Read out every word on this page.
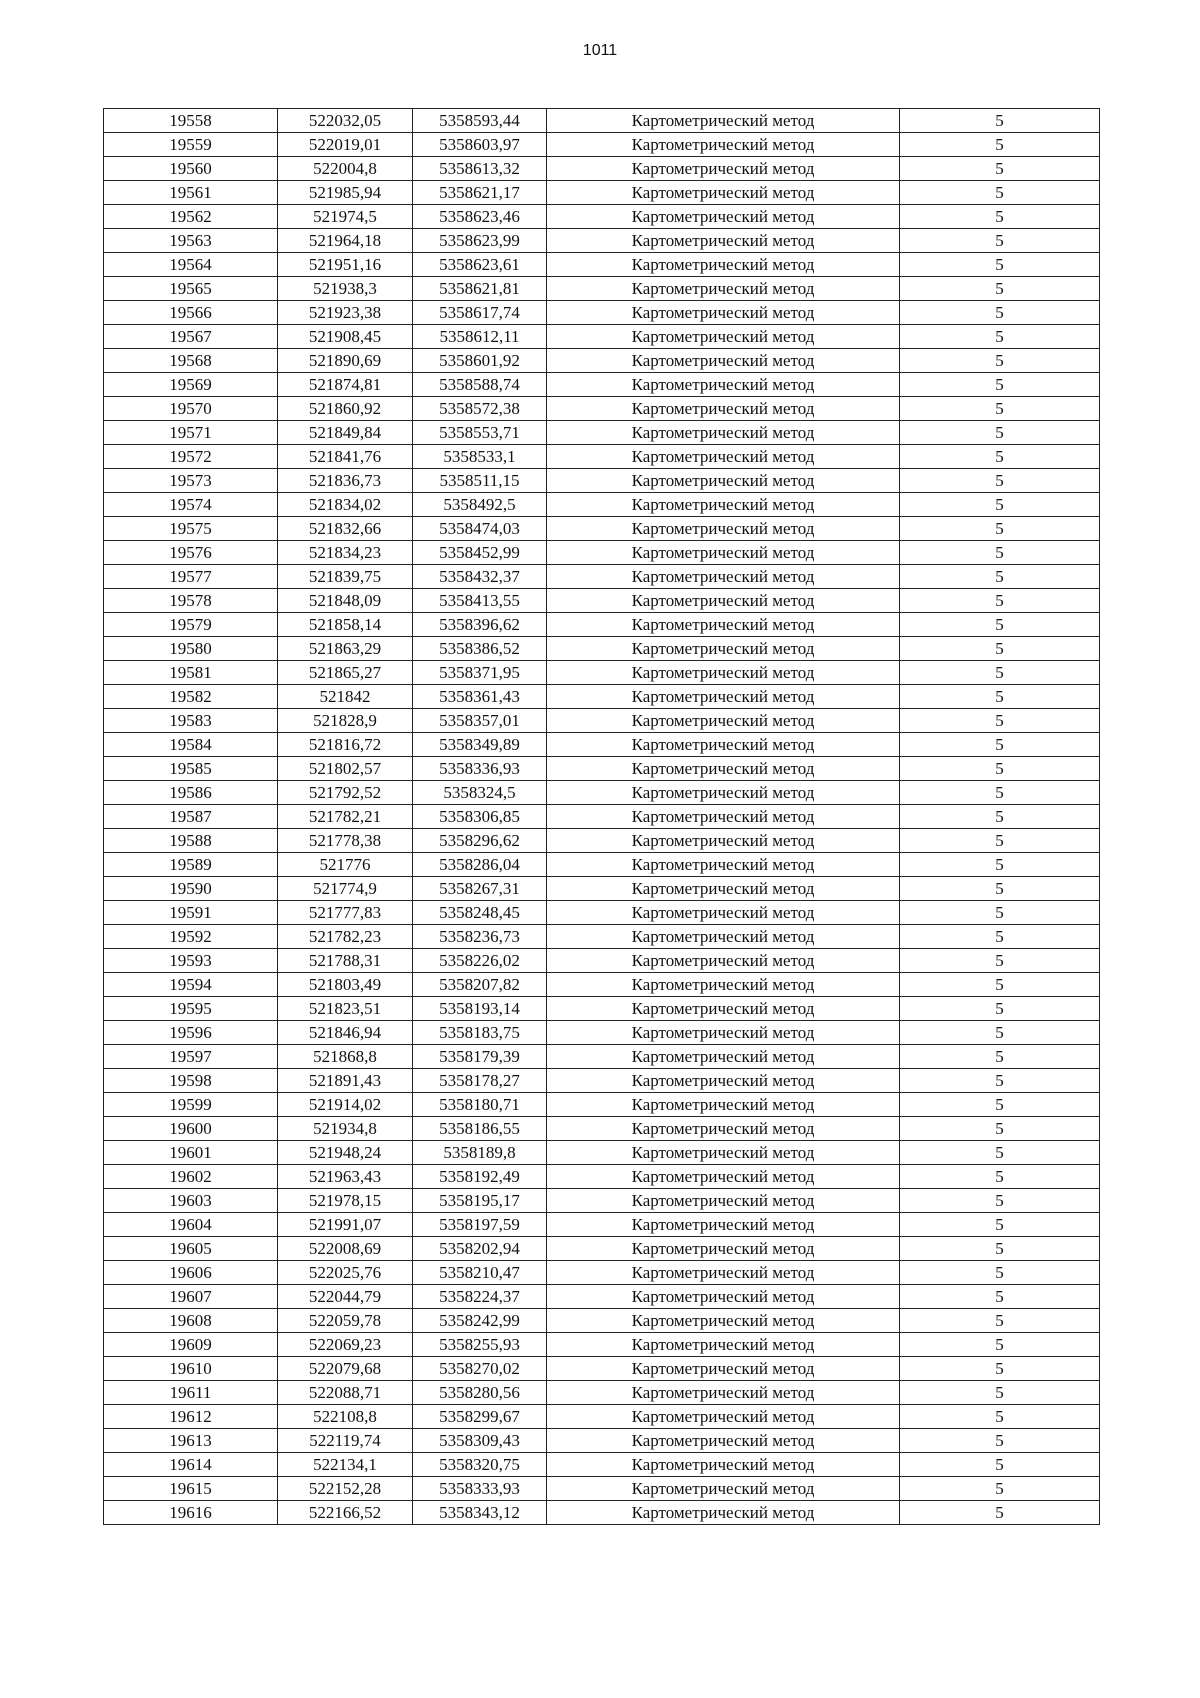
1011
19558	522032,05	5358593,44	Картометрический метод	5
19559	522019,01	5358603,97	Картометрический метод	5
19560	522004,8	5358613,32	Картометрический метод	5
19561	521985,94	5358621,17	Картометрический метод	5
19562	521974,5	5358623,46	Картометрический метод	5
19563	521964,18	5358623,99	Картометрический метод	5
19564	521951,16	5358623,61	Картометрический метод	5
19565	521938,3	5358621,81	Картометрический метод	5
19566	521923,38	5358617,74	Картометрический метод	5
19567	521908,45	5358612,11	Картометрический метод	5
19568	521890,69	5358601,92	Картометрический метод	5
19569	521874,81	5358588,74	Картометрический метод	5
19570	521860,92	5358572,38	Картометрический метод	5
19571	521849,84	5358553,71	Картометрический метод	5
19572	521841,76	5358533,1	Картометрический метод	5
19573	521836,73	5358511,15	Картометрический метод	5
19574	521834,02	5358492,5	Картометрический метод	5
19575	521832,66	5358474,03	Картометрический метод	5
19576	521834,23	5358452,99	Картометрический метод	5
19577	521839,75	5358432,37	Картометрический метод	5
19578	521848,09	5358413,55	Картометрический метод	5
19579	521858,14	5358396,62	Картометрический метод	5
19580	521863,29	5358386,52	Картометрический метод	5
19581	521865,27	5358371,95	Картометрический метод	5
19582	521842	5358361,43	Картометрический метод	5
19583	521828,9	5358357,01	Картометрический метод	5
19584	521816,72	5358349,89	Картометрический метод	5
19585	521802,57	5358336,93	Картометрический метод	5
19586	521792,52	5358324,5	Картометрический метод	5
19587	521782,21	5358306,85	Картометрический метод	5
19588	521778,38	5358296,62	Картометрический метод	5
19589	521776	5358286,04	Картометрический метод	5
19590	521774,9	5358267,31	Картометрический метод	5
19591	521777,83	5358248,45	Картометрический метод	5
19592	521782,23	5358236,73	Картометрический метод	5
19593	521788,31	5358226,02	Картометрический метод	5
19594	521803,49	5358207,82	Картометрический метод	5
19595	521823,51	5358193,14	Картометрический метод	5
19596	521846,94	5358183,75	Картометрический метод	5
19597	521868,8	5358179,39	Картометрический метод	5
19598	521891,43	5358178,27	Картометрический метод	5
19599	521914,02	5358180,71	Картометрический метод	5
19600	521934,8	5358186,55	Картометрический метод	5
19601	521948,24	5358189,8	Картометрический метод	5
19602	521963,43	5358192,49	Картометрический метод	5
19603	521978,15	5358195,17	Картометрический метод	5
19604	521991,07	5358197,59	Картометрический метод	5
19605	522008,69	5358202,94	Картометрический метод	5
19606	522025,76	5358210,47	Картометрический метод	5
19607	522044,79	5358224,37	Картометрический метод	5
19608	522059,78	5358242,99	Картометрический метод	5
19609	522069,23	5358255,93	Картометрический метод	5
19610	522079,68	5358270,02	Картометрический метод	5
19611	522088,71	5358280,56	Картометрический метод	5
19612	522108,8	5358299,67	Картометрический метод	5
19613	522119,74	5358309,43	Картометрический метод	5
19614	522134,1	5358320,75	Картометрический метод	5
19615	522152,28	5358333,93	Картометрический метод	5
19616	522166,52	5358343,12	Картометрический метод	5
